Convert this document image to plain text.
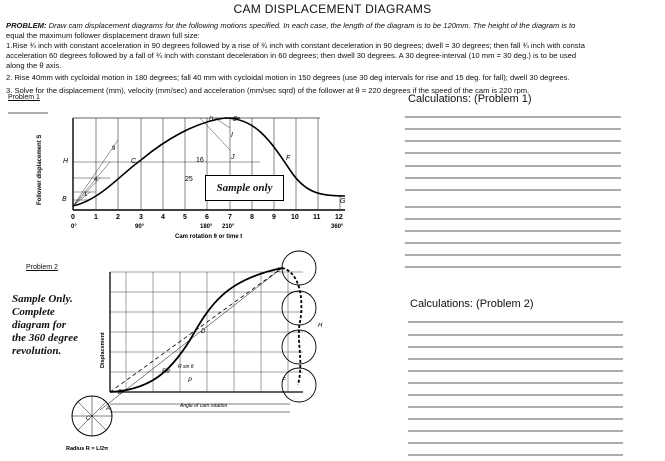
CAM DISPLACEMENT DIAGRAMS
PROBLEM: Draw cam displacement diagrams for the following motions specified. In each case, the length of the diagram is to be 120mm. The height of the diagram is to
equal the maximum follower displacement drawn full size:
1.Rise ¾ inch with constant acceleration in 90 degrees followed by a rise of ¾ inch with constant deceleration in 90 degrees; dwell = 30 degrees; then fall ¾ inch with consta
acceleration 60 degrees followed by a fall of ¾ inch with constant deceleration in 60 degrees; then dwell 30 degrees. A 30 degree-interval (10 mm = 30 deg.) is to be used
along the θ axis.
2. Rise 40mm with cycloidal motion in 180 degrees; fall 40 mm with cycloidal motion in 150 degrees (use 30 deg intervals for rise and 15 deg. for fall); dwell 30 degrees.
3. Solve for the displacement (mm), velocity (mm/sec) and acceleration (mm/sec sqrd) of the follower at θ = 220 degrees if the speed of the cam is 220 rpm.
Problem 1
Problem 2
Calculations: (Problem 1)
Calculations: (Problem 2)
H
B
C	F
G
D	E
I
J
16
25
9
4
1
0	1	2	3	4	5	6	7	8	9 10 11 12
0°	90°	180° 210°	360°
Cam rotation θ or time t
Follower displacement S	Sample only
E
H
D
F
C
Rθ
R sin θ
P
B
A	Angle of cam rotation
Radius R = L/2π
Displacement
Sample Only.
Complete
diagram for
the 360 degree
revolution.
